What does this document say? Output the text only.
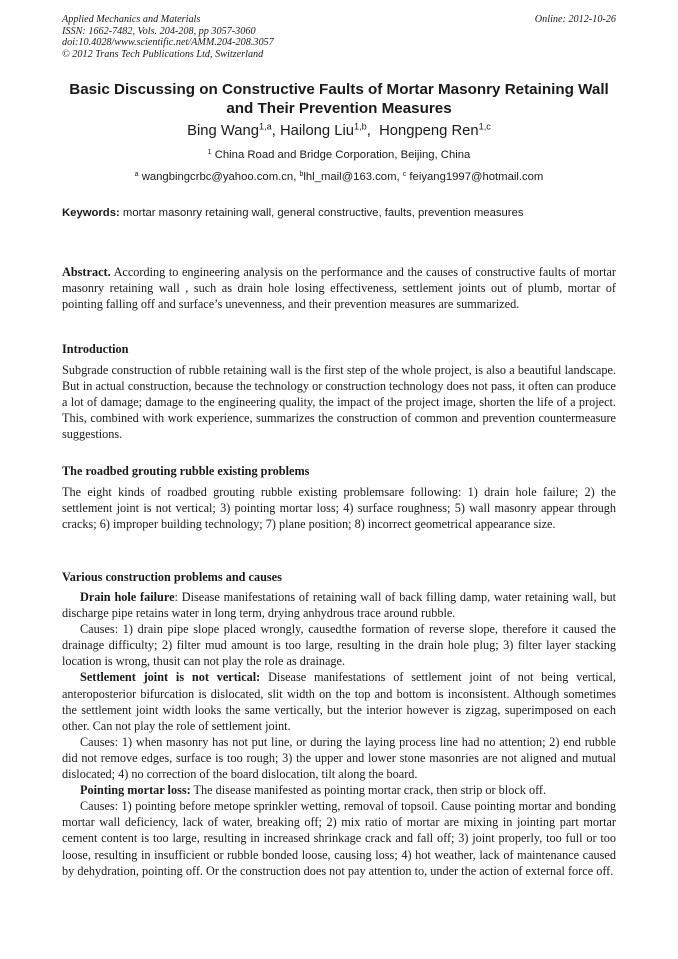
Applied Mechanics and Materials
ISSN: 1662-7482, Vols. 204-208, pp 3057-3060
doi:10.4028/www.scientific.net/AMM.204-208.3057
© 2012 Trans Tech Publications Ltd, Switzerland
Online: 2012-10-26
Basic Discussing on Constructive Faults of Mortar Masonry Retaining Wall and Their Prevention Measures
Bing Wang$^{1,a}$, Hailong Liu$^{1,b}$,  Hongpeng Ren$^{1,c}$
$^1$ China Road and Bridge Corporation, Beijing, China
$^a$ wangbingcrbc@yahoo.com.cn, $^b$lhl_mail@163.com, $^c$ feiyang1997@hotmail.com
Keywords: mortar masonry retaining wall, general constructive, faults, prevention measures
Abstract. According to engineering analysis on the performance and the causes of constructive faults of mortar masonry retaining wall , such as drain hole losing effectiveness, settlement joints out of plumb, mortar of pointing falling off and surface’s unevenness, and their prevention measures are summarized.
Introduction
Subgrade construction of rubble retaining wall is the first step of the whole project, is also a beautiful landscape. But in actual construction, because the technology or construction technology does not pass, it often can produce a lot of damage; damage to the engineering quality, the impact of the project image, shorten the life of a project. This, combined with work experience, summarizes the construction of common and prevention countermeasure suggestions.
The roadbed grouting rubble existing problems
The eight kinds of roadbed grouting rubble existing problemsare following: 1) drain hole failure; 2) the settlement joint is not vertical; 3) pointing mortar loss; 4) surface roughness; 5) wall masonry appear through cracks; 6) improper building technology; 7) plane position; 8) incorrect geometrical appearance size.
Various construction problems and causes
Drain hole failure: Disease manifestations of retaining wall of back filling damp, water retaining wall, but discharge pipe retains water in long term, drying anhydrous trace around rubble.
Causes: 1) drain pipe slope placed wrongly, causedthe formation of reverse slope, therefore it caused the drainage difficulty; 2) filter mud amount is too large, resulting in the drain hole plug; 3) filter layer stacking location is wrong, thusit can not play the role as drainage.
Settlement joint is not vertical: Disease manifestations of settlement joint of not being vertical, anteroposterior bifurcation is dislocated, slit width on the top and bottom is inconsistent. Although sometimes the settlement joint width looks the same vertically, but the interior however is zigzag, superimposed on each other. Can not play the role of settlement joint.
Causes: 1) when masonry has not put line, or during the laying process line had no attention; 2) end rubble did not remove edges, surface is too rough; 3) the upper and lower stone masonries are not aligned and mutual dislocated; 4) no correction of the board dislocation, tilt along the board.
Pointing mortar loss: The disease manifested as pointing mortar crack, then strip or block off.
Causes: 1) pointing before metope sprinkler wetting, removal of topsoil. Cause pointing mortar and bonding mortar wall deficiency, lack of water, breaking off; 2) mix ratio of mortar are mixing in jointing part mortar cement content is too large, resulting in increased shrinkage crack and fall off; 3) joint properly, too full or too loose, resulting in insufficient or rubble bonded loose, causing loss; 4) hot weather, lack of maintenance caused by dehydration, pointing off. Or the construction does not pay attention to, under the action of external force off.
